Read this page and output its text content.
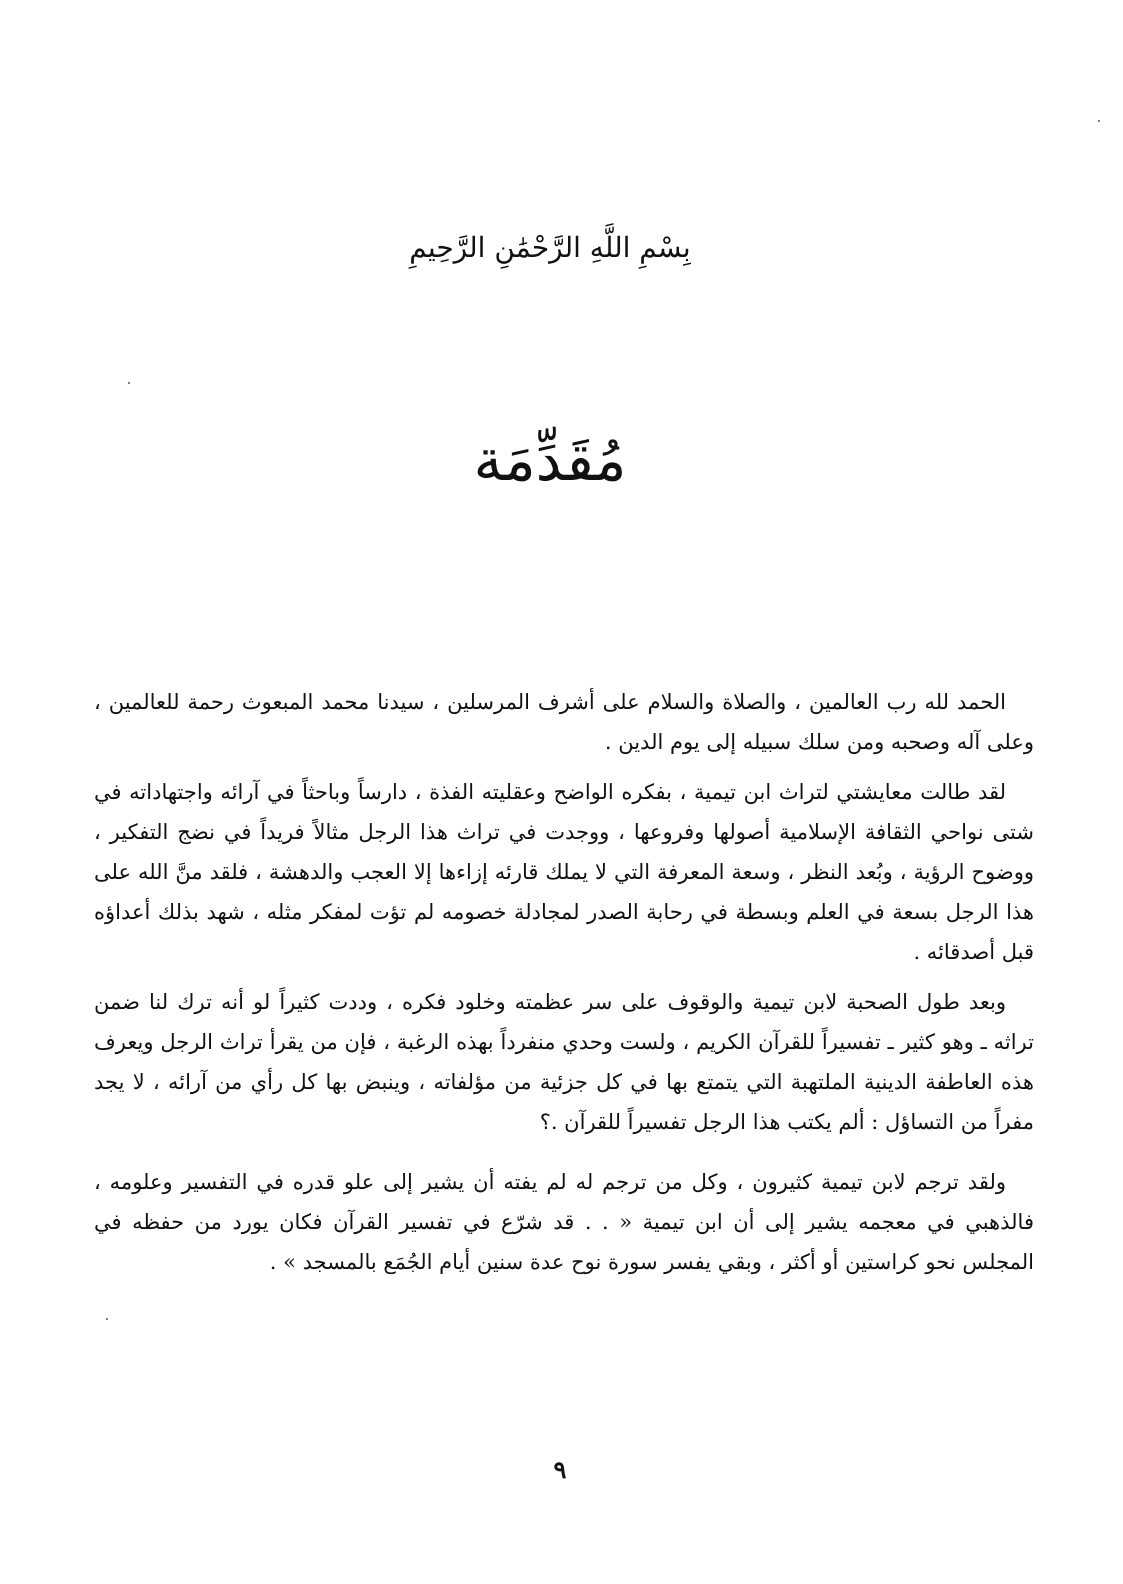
بِسْمِ اللَّهِ الرَّحْمَٰنِ الرَّحِيمِ
مُقَدِّمَة

الحمد لله رب العالمين ، والصلاة والسلام على أشرف المرسلين ، سيدنا محمد المبعوث رحمة للعالمين ، وعلى آله وصحبه ومن سلك سبيله إلى يوم الدين .

لقد طالت معايشتي لتراث ابن تيمية ، بفكره الواضح وعقليته الفذة ، دارساً وباحثاً في آرائه واجتهاداته في شتى نواحي الثقافة الإسلامية أصولها وفروعها ، ووجدت في تراث هذا الرجل مثالاً فريداً في نضج التفكير ، ووضوح الرؤية ، وبُعد النظر ، وسعة المعرفة التي لا يملك قارئه إزاءها إلا العجب والدهشة ، فلقد منَّ الله على هذا الرجل بسعة في العلم وبسطة في رحابة الصدر لمجادلة خصومه لم تؤت لمفكر مثله ، شهد بذلك أعداؤه قبل أصدقائه .

وبعد طول الصحبة لابن تيمية والوقوف على سر عظمته وخلود فكره ، وددت كثيراً لو أنه ترك لنا ضمن تراثه ـ وهو كثير ـ تفسيراً للقرآن الكريم ، ولست وحدي منفرداً بهذه الرغبة ، فإن من يقرأ تراث الرجل ويعرف هذه العاطفة الدينية الملتهبة التي يتمتع بها في كل جزئية من مؤلفاته ، وينبض بها كل رأي من آرائه ، لا يجد مفراً من التساؤل : ألم يكتب هذا الرجل تفسيراً للقرآن .؟

ولقد ترجم لابن تيمية كثيرون ، وكل من ترجم له لم يفته أن يشير إلى علو قدره في التفسير وعلومه ، فالذهبي في معجمه يشير إلى أن ابن تيمية « . . قد شرّع في تفسير القرآن فكان يورد من حفظه في المجلس نحو كراستين أو أكثر ، وبقي يفسر سورة نوح عدة سنين أيام الجُمَع بالمسجد » .

٩
